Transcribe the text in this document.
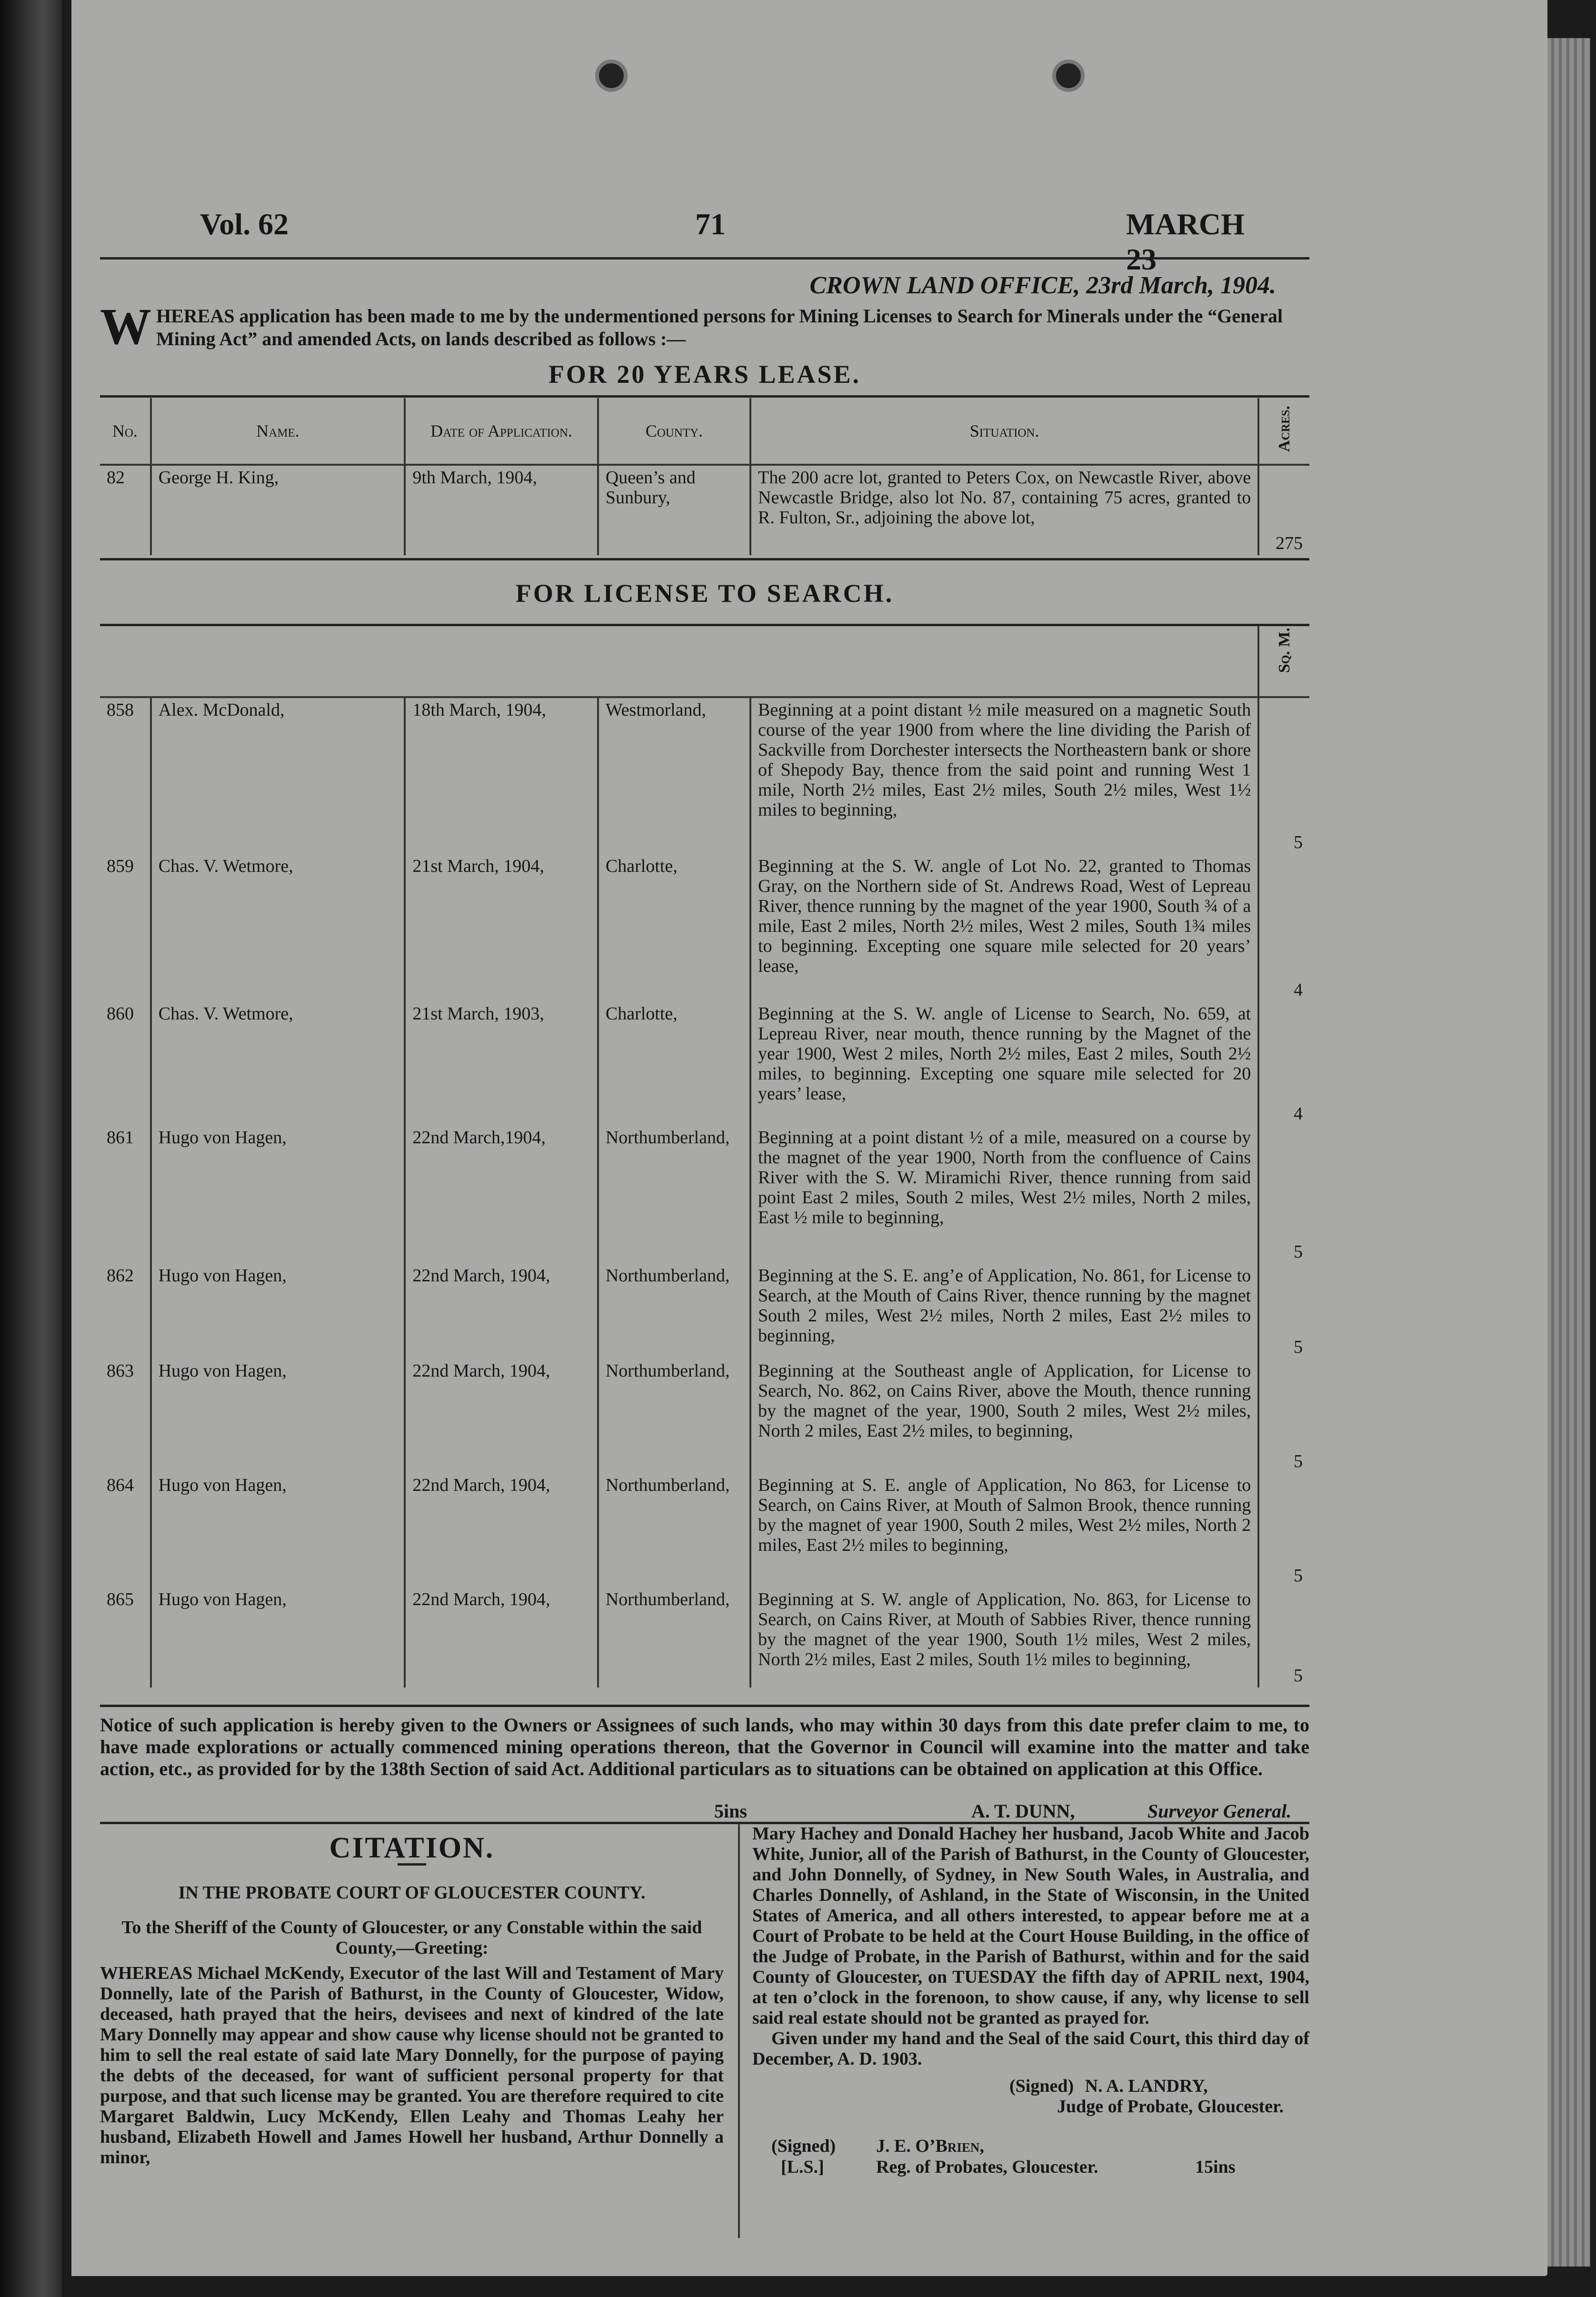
Vol. 62	71	MARCH 23
CROWN LAND OFFICE, 23rd March, 1904.
W HEREAS application has been made to me by the undermentioned persons for Mining Licenses to Search for Minerals under the “General Mining Act” and amended Acts, on lands described as follows :—
FOR 20 YEARS LEASE.
No.	Name.	Date of Application.	County.	Situation.	Acres.
82	George H. King,	9th March, 1904,	Queen’s and Sunbury,	The 200 acre lot, granted to Peters Cox, on Newcastle River, above Newcastle Bridge, also lot No. 87, containing 75 acres, granted to R. Fulton, Sr., adjoining the above lot,	275
FOR LICENSE TO SEARCH.
					Sq. M.
858	Alex. McDonald,	18th March, 1904,	Westmorland,	Beginning at a point distant ½ mile measured on a magnetic South course of the year 1900 from where the line dividing the Parish of Sackville from Dorchester intersects the Northeastern bank or shore of Shepody Bay, thence from the said point and running West 1 mile, North 2½ miles, East 2½ miles, South 2½ miles, West 1½ miles to beginning,	5
859	Chas. V. Wetmore,	21st March, 1904,	Charlotte,	Beginning at the S. W. angle of Lot No. 22, granted to Thomas Gray, on the Northern side of St. Andrews Road, West of Lepreau River, thence running by the magnet of the year 1900, South ¾ of a mile, East 2 miles, North 2½ miles, West 2 miles, South 1¾ miles to beginning. Excepting one square mile selected for 20 years’ lease,	4
860	Chas. V. Wetmore,	21st March, 1903,	Charlotte,	Beginning at the S. W. angle of License to Search, No. 659, at Lepreau River, near mouth, thence running by the Magnet of the year 1900, West 2 miles, North 2½ miles, East 2 miles, South 2½ miles, to beginning. Excepting one square mile selected for 20 years’ lease,	4
861	Hugo von Hagen,	22nd March,1904,	Northumberland,	Beginning at a point distant ½ of a mile, measured on a course by the magnet of the year 1900, North from the confluence of Cains River with the S. W. Miramichi River, thence running from said point East 2 miles, South 2 miles, West 2½ miles, North 2 miles, East ½ mile to beginning,	5
862	Hugo von Hagen,	22nd March, 1904,	Northumberland,	Beginning at the S. E. ang’e of Application, No. 861, for License to Search, at the Mouth of Cains River, thence running by the magnet South 2 miles, West 2½ miles, North 2 miles, East 2½ miles to beginning,	5
863	Hugo von Hagen,	22nd March, 1904,	Northumberland,	Beginning at the Southeast angle of Application, for License to Search, No. 862, on Cains River, above the Mouth, thence running by the magnet of the year, 1900, South 2 miles, West 2½ miles, North 2 miles, East 2½ miles, to beginning,	5
864	Hugo von Hagen,	22nd March, 1904,	Northumberland,	Beginning at S. E. angle of Application, No 863, for License to Search, on Cains River, at Mouth of Salmon Brook, thence running by the magnet of year 1900, South 2 miles, West 2½ miles, North 2 miles, East 2½ miles to beginning,	5
865	Hugo von Hagen,	22nd March, 1904,	Northumberland,	Beginning at S. W. angle of Application, No. 863, for License to Search, on Cains River, at Mouth of Sabbies River, thence running by the magnet of the year 1900, South 1½ miles, West 2 miles, North 2½ miles, East 2 miles, South 1½ miles to beginning,	5
Notice of such application is hereby given to the Owners or Assignees of such lands, who may within 30 days from this date prefer claim to me, to have made explorations or actually commenced mining operations thereon, that the Governor in Council will examine into the matter and take action, etc., as provided for by the 138th Section of said Act. Additional particulars as to situations can be obtained on application at this Office.
5ins	A. T. DUNN,	Surveyor General.
CITATION.
IN THE PROBATE COURT OF GLOUCESTER COUNTY.
To the Sheriff of the County of Gloucester, or any Constable within the said County,—Greeting:
WHEREAS Michael McKendy, Executor of the last Will and Testament of Mary Donnelly, late of the Parish of Bathurst, in the County of Gloucester, Widow, deceased, hath prayed that the heirs, devisees and next of kindred of the late Mary Donnelly may appear and show cause why license should not be granted to him to sell the real estate of said late Mary Donnelly, for the purpose of paying the debts of the deceased, for want of sufficient personal property for that purpose, and that such license may be granted. You are therefore required to cite Margaret Baldwin, Lucy McKendy, Ellen Leahy and Thomas Leahy her husband, Elizabeth Howell and James Howell her husband, Arthur Donnelly a minor,
Mary Hachey and Donald Hachey her husband, Jacob White and Jacob White, Junior, all of the Parish of Bathurst, in the County of Gloucester, and John Donnelly, of Sydney, in New South Wales, in Australia, and Charles Donnelly, of Ashland, in the State of Wisconsin, in the United States of America, and all others interested, to appear before me at a Court of Probate to be held at the Court House Building, in the office of the Judge of Probate, in the Parish of Bathurst, within and for the said County of Gloucester, on TUESDAY the fifth day of APRIL next, 1904, at ten o’clock in the forenoon, to show cause, if any, why license to sell said real estate should not be granted as prayed for.
Given under my hand and the Seal of the said Court, this third day of December, A. D. 1903.
(Signed) N. A. LANDRY,
Judge of Probate, Gloucester.
(Signed) J. E. O’Brien,
[L.S.]	Reg. of Probates, Gloucester.	15ins
